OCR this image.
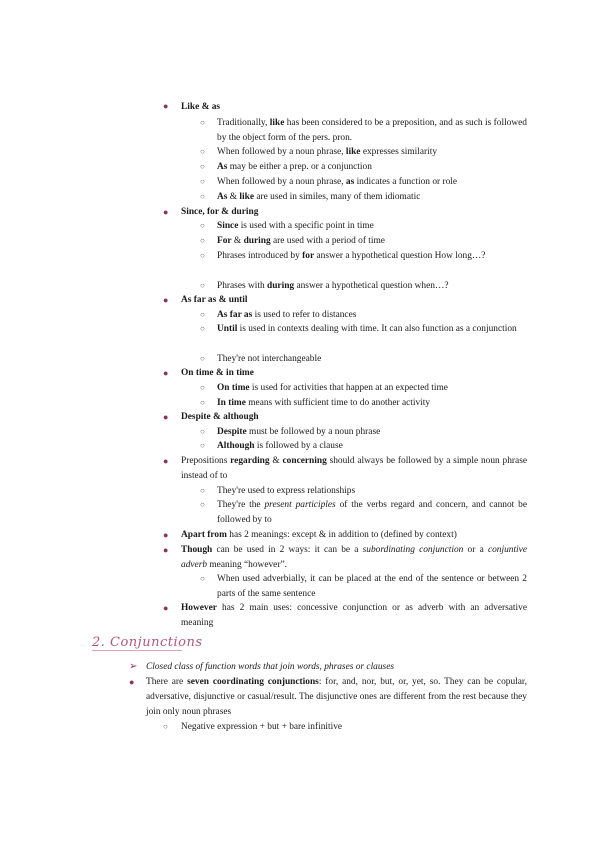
● Like & as
○ Traditionally, like has been considered to be a preposition, and as such is followed by the object form of the pers. pron.
○ When followed by a noun phrase, like expresses similarity
○ As may be either a prep. or a conjunction
○ When followed by a noun phrase, as indicates a function or role
○ As & like are used in similes, many of them idiomatic
● Since, for & during
○ Since is used with a specific point in time
○ For & during are used with a period of time
○ Phrases introduced by for answer a hypothetical question How long…?
○ Phrases with during answer a hypothetical question when…?
● As far as & until
○ As far as is used to refer to distances
○ Until is used in contexts dealing with time. It can also function as a conjunction
○ They're not interchangeable
● On time & in time
○ On time is used for activities that happen at an expected time
○ In time means with sufficient time to do another activity
● Despite & although
○ Despite must be followed by a noun phrase
○ Although is followed by a clause
● Prepositions regarding & concerning should always be followed by a simple noun phrase instead of to
○ They're used to express relationships
○ They're the present participles of the verbs regard and concern, and cannot be followed by to
● Apart from has 2 meanings: except & in addition to (defined by context)
● Though can be used in 2 ways: it can be a subordinating conjunction or a conjuntive adverb meaning “however”.
○ When used adverbially, it can be placed at the end of the sentence or between 2 parts of the same sentence
● However has 2 main uses: concessive conjunction or as adverb with an adversative meaning
2. Conjunctions
➢ Closed class of function words that join words, phrases or clauses
● There are seven coordinating conjunctions: for, and, nor, but, or, yet, so. They can be copular, adversative, disjunctive or casual/result. The disjunctive ones are different from the rest because they join only noun phrases
○ Negative expression + but + bare infinitive
